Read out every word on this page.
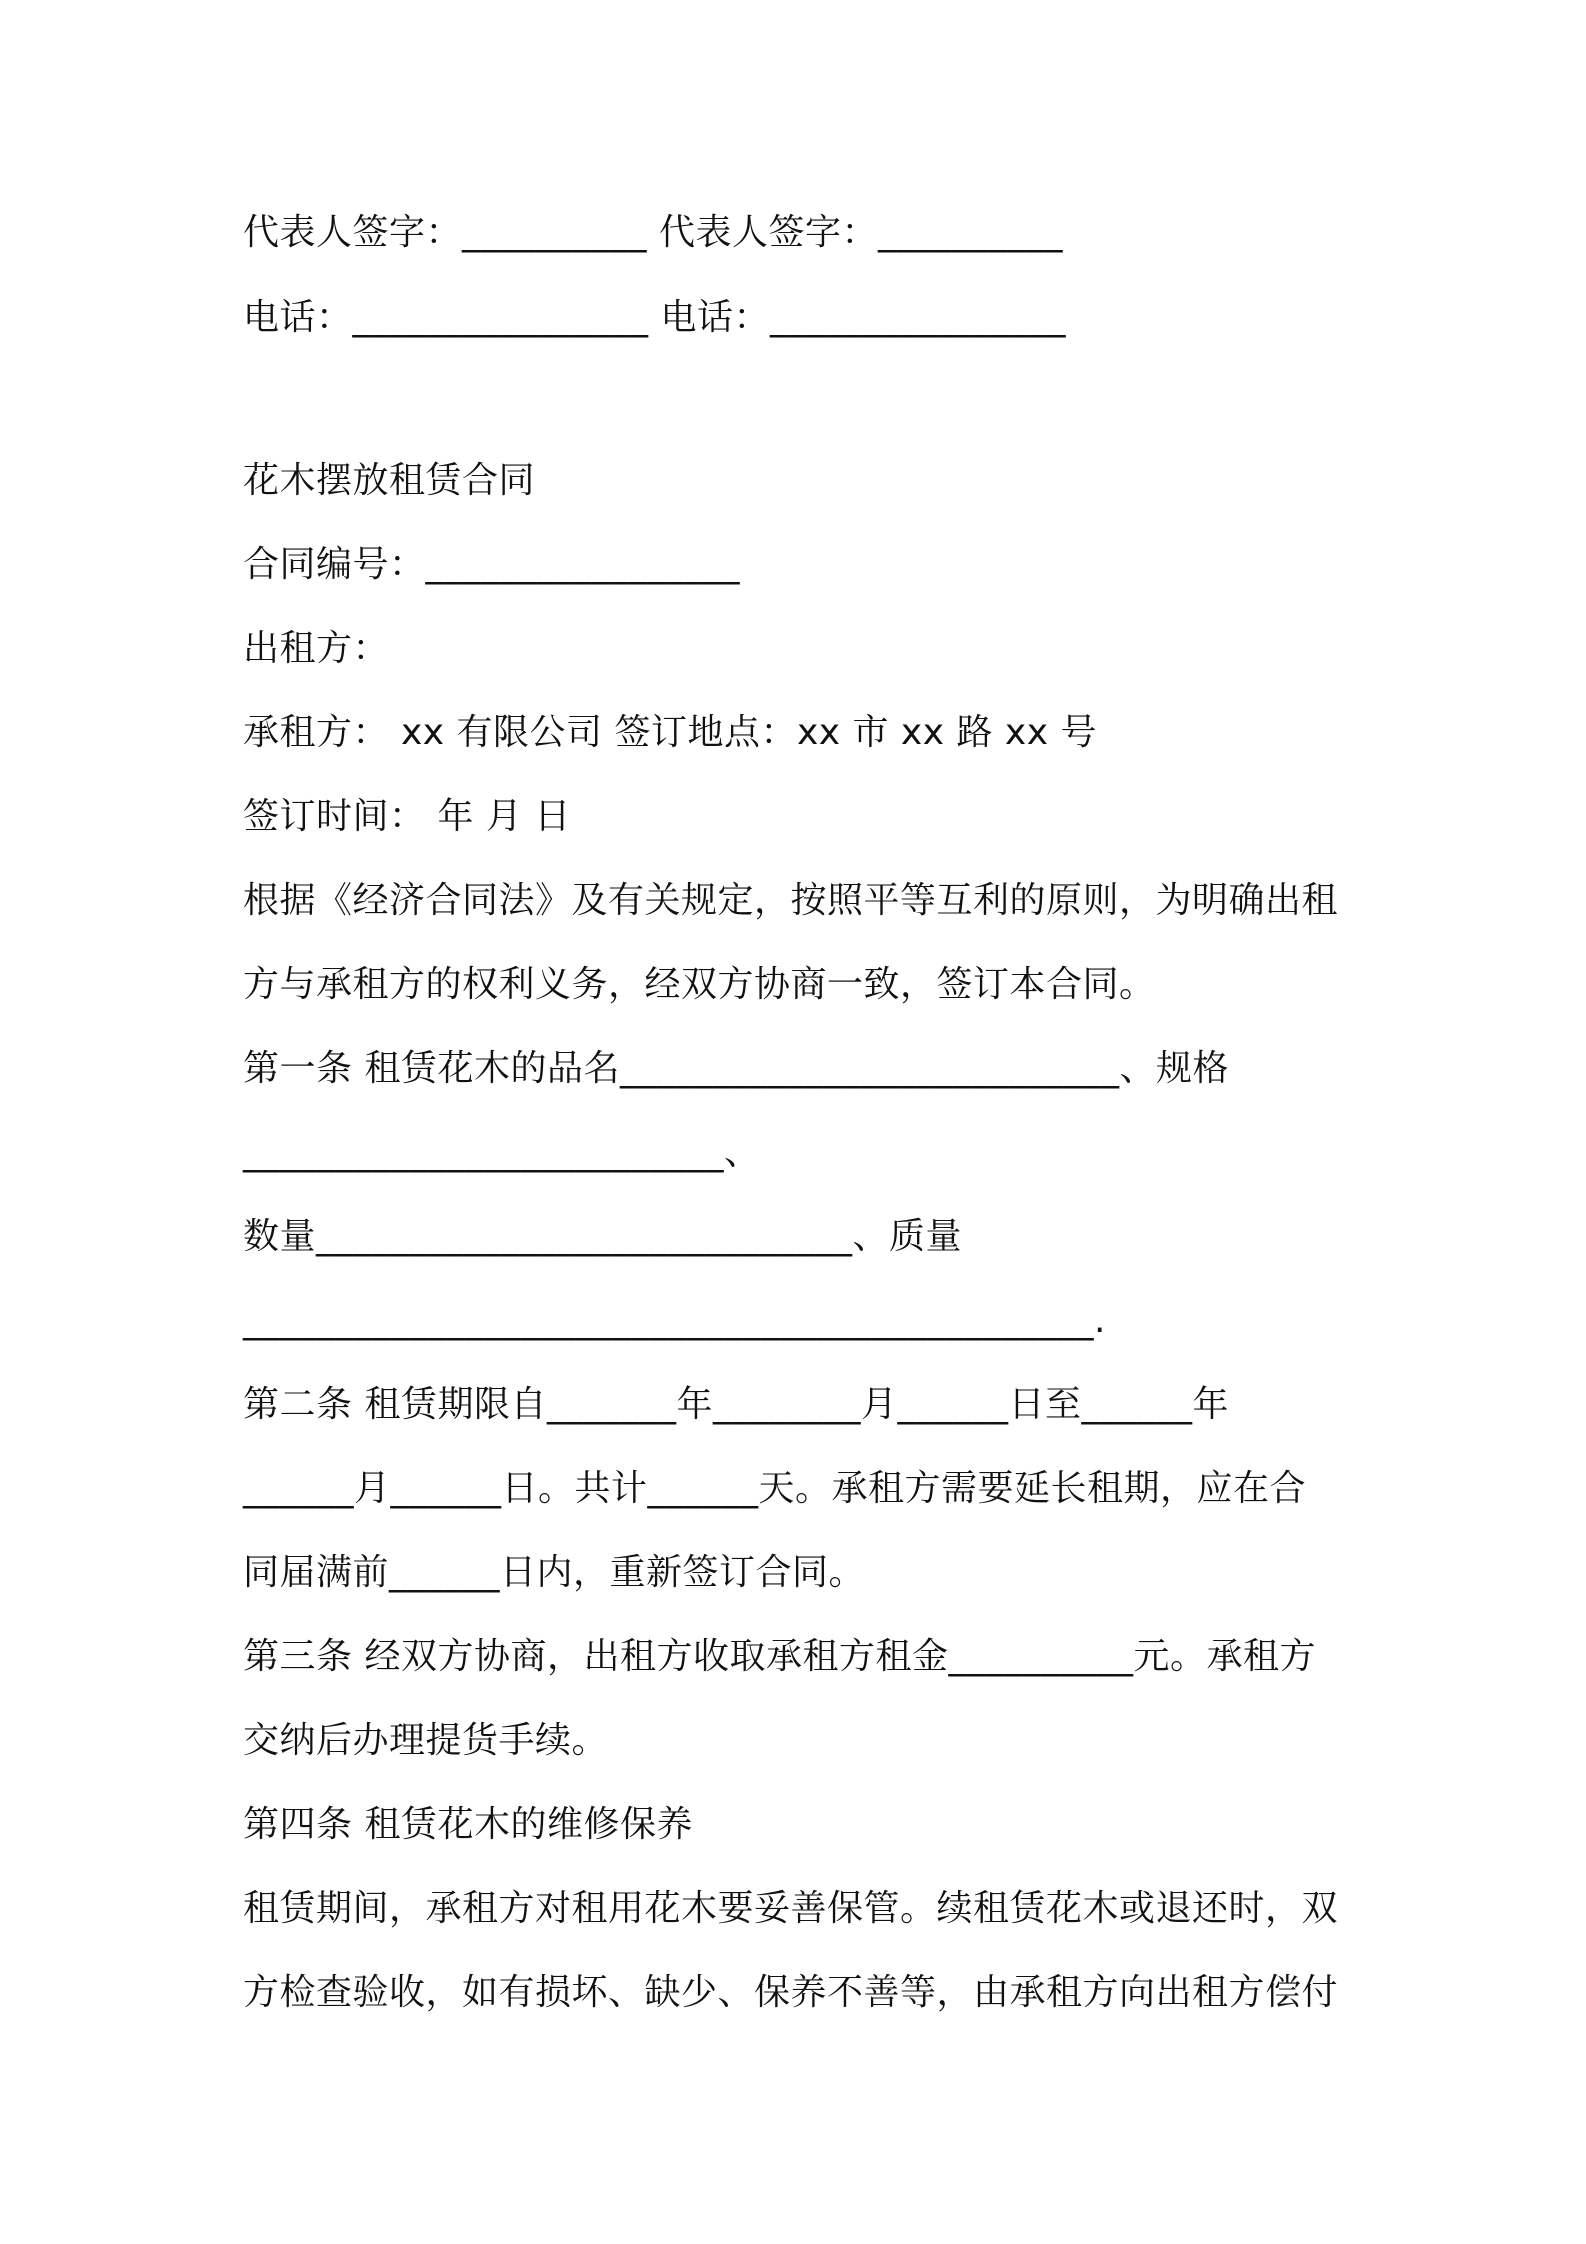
代表人签字：__________ 代表人签字：__________
电话：________________ 电话：________________
花木摆放租赁合同
合同编号：_________________
出租方：
承租方： xx 有限公司 签订地点：xx 市 xx 路 xx 号
签订时间： 年 月 日
根据《经济合同法》及有关规定，按照平等互利的原则，为明确出租
方与承租方的权利义务，经双方协商一致，签订本合同。
第一条 租赁花木的品名___________________________、规格
__________________________、
数量_____________________________、质量
______________________________________________.
第二条 租赁期限自_______年________月______日至______年
______月______日。共计______天。承租方需要延长租期，应在合
同届满前______日内，重新签订合同。
第三条 经双方协商，出租方收取承租方租金__________元。承租方
交纳后办理提货手续。
第四条 租赁花木的维修保养
租赁期间，承租方对租用花木要妥善保管。续租赁花木或退还时，双
方检查验收，如有损坏、缺少、保养不善等，由承租方向出租方偿付
